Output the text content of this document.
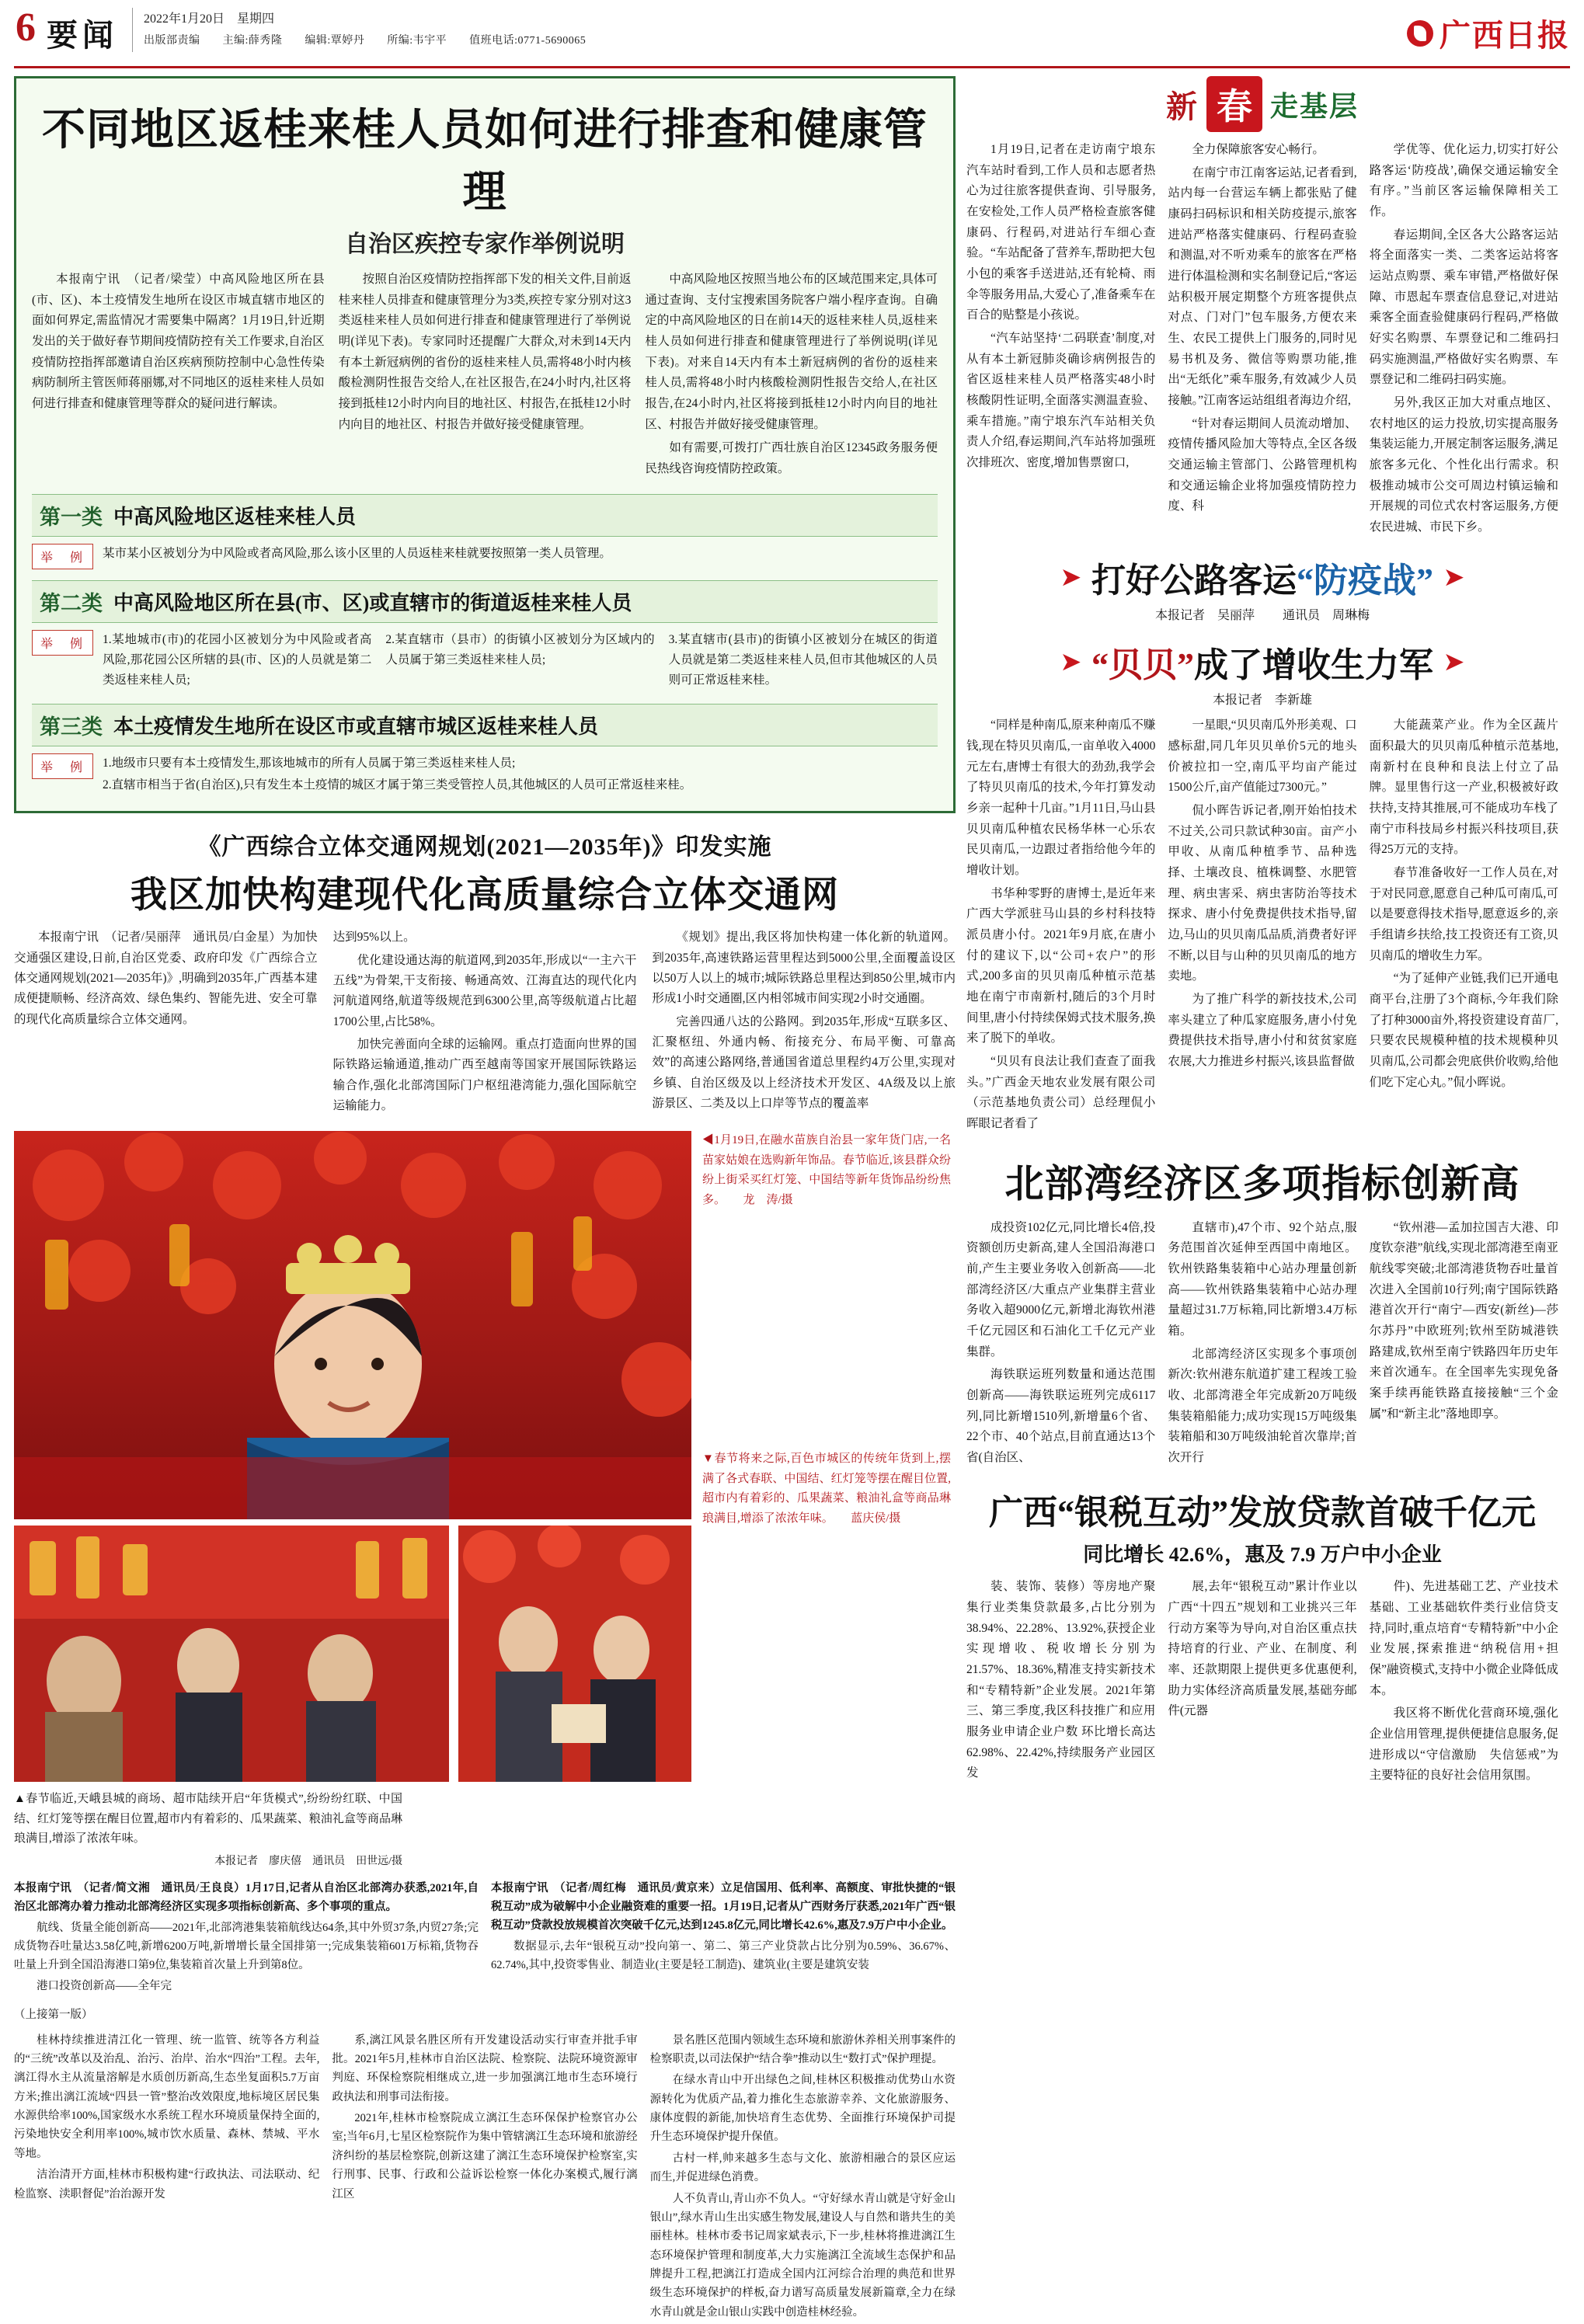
6 要闻	2022年1月20日　星期四
出版部责编　　主编:薛秀隆　　编辑:覃婷丹　　所编:韦宇平　　值班电话:0771-5690065	广西日报
不同地区返桂来桂人员如何进行排查和健康管理
自治区疾控专家作举例说明

本报南宁讯　（记者/梁莹）中高风险地区所在县(市、区)、本土疫情发生地所在设区市城直辖市地区的面如何界定,需监情况才需要集中隔离？1月19日,针近期发出的关于做好春节期间疫情防控有关工作要求,自治区疫情防控指挥部邀请自治区疾病预防控制中心急性传染病防制所主管医师蒋丽娜,对不同地区的返桂来桂人员如何进行排查和健康管理等群众的疑问进行解读。

按照自治区疫情防控指挥部下发的相关文件,目前返桂来桂人员排查和健康管理分为3类,疾控专家分别对这3类返桂来桂人员如何进行排查和健康管理进行了举例说明(详见下表)。专家同时还提醒广大群众,对未到14天内有本土新冠病例的省份的返桂来桂人员,需将48小时内核酸检测阴性报告交给人,在社区报告,在24小时内,社区将接到抵桂12小时内向目的地社区、村报告,在抵桂12小时内向目的地社区、村报告并做好接受健康管理。

中高风险地区按照当地公布的区域范围来定,具体可通过查询、支付宝搜索国务院客户端小程序查询。自确定的中高风险地区的日在前14天的返桂来桂人员,返桂来桂人员如何进行排查和健康管理进行了举例说明(详见下表)。对来自14天内有本土新冠病例的省份的返桂来桂人员,需将48小时内核酸检测阴性报告交给人,在社区报告,在24小时内,社区将接到抵桂12小时内向目的地社区、村报告并做好接受健康管理。

如有需要,可拨打广西壮族自治区12345政务服务便民热线咨询疫情防控政策。

第一类 中高风险地区返桂来桂人员
举　例	某市某小区被划分为中风险或者高风险,那么该小区里的人员返桂来桂就要按照第一类人员管理。

第二类 中高风险地区所在县(市、区)或直辖市的街道返桂来桂人员
举　例	1.某地城市(市)的花园小区被划分为中风险或者高风险,那花园公区所辖的县(市、区)的人员就是第二类返桂来桂人员;

2.某直辖市（县市）的街镇小区被划分为区域内的人员属于第三类返桂来桂人员;

3.某直辖市(县市)的街镇小区被划分在城区的街道人员就是第二类返桂来桂人员,但市其他城区的人员则可正常返桂来桂。

第三类 本土疫情发生地所在设区市或直辖市城区返桂来桂人员
举　例	1.地级市只要有本土疫情发生,那该地城市的所有人员属于第三类返桂来桂人员;

2.直辖市相当于省(自治区),只有发生本土疫情的城区才属于第三类受管控人员,其他城区的人员可正常返桂来桂。

《广西综合立体交通网规划(2021—2035年)》印发实施
我区加快构建现代化高质量综合立体交通网

本报南宁讯　（记者/吴丽萍　通讯员/白金星）为加快交通强区建设,日前,自治区党委、政府印发《广西综合立体交通网规划(2021—2035年)》,明确到2035年,广西基本建成便捷顺畅、经济高效、绿色集约、智能先进、安全可靠的现代化高质量综合立体交通网。

达到95%以上。

优化建设通达海的航道网,到2035年,形成以“一主六干五线”为骨架,干支衔接、畅通高效、江海直达的现代化内河航道网络,航道等级规范到6300公里,高等级航道占比超1700公里,占比58%。

加快完善面向全球的运输网。重点打造面向世界的国际铁路运输通道,推动广西至越南等国家开展国际铁路运输合作,强化北部湾国际门户枢纽港湾能力,强化国际航空运输能力。

《规划》提出,我区将加快构建一体化新的轨道网。到2035年,高速铁路运营里程达到5000公里,全面覆盖设区以50万人以上的城市;城际铁路总里程达到850公里,城市内形成1小时交通圈,区内相邻城市间实现2小时交通圈。

完善四通八达的公路网。到2035年,形成“互联多区、汇聚枢纽、外通内畅、衔接充分、布局平衡、可靠高效”的高速公路网络,普通国省道总里程约4万公里,实现对乡镇、自治区级及以上经济技术开发区、4A级及以上旅游景区、二类及以上口岸等节点的覆盖率

◀1月19日,在融水苗族自治县一家年货门店,一名苗家姑娘在选购新年饰品。春节临近,该县群众纷纷上街采买红灯笼、中国结等新年货饰品纷纷焦多。　　龙　涛/摄

▼春节将来之际,百色市城区的传统年货到上,摆满了各式春联、中国结、红灯笼等摆在醒目位置,超市内有着彩的、瓜果蔬菜、粮油礼盒等商品琳琅满目,增添了浓浓年味。　　蓝庆侯/摄

▲春节临近,天峨县城的商场、超市陆续开启“年货模式”,纷纷纷红联、中国结、红灯笼等摆在醒目位置,超市内有着彩的、瓜果蔬菜、粮油礼盒等商品琳琅满目,增添了浓浓年味。

本报记者　廖庆僖　通讯员　田世远/摄

本报南宁讯　（记者/简文湘　通讯员/王良良）1月17日,记者从自治区北部湾办获悉,2021年,自治区北部湾办着力推动北部湾经济区实现多项指标创新高、多个事项的重点。

航线、货量全能创新高——2021年,北部湾港集装箱航线达64条,其中外贸37条,内贸27条;完成货物吞吐量达3.58亿吨,新增6200万吨,新增增长量全国排第一;完成集装箱601万标箱,货物吞吐量上升到全国沿海港口第9位,集装箱首次量上升到第8位。

港口投资创新高——全年完

本报南宁讯　（记者/周红梅　通讯员/黄京来）立足信国用、低利率、高额度、审批快捷的“银税互动”成为破解中小企业融资难的重要一招。1月19日,记者从广西财务厅获悉,2021年广西“银税互动”贷款投放规模首次突破千亿元,达到1245.8亿元,同比增长42.6%,惠及7.9万户中小企业。

数据显示,去年“银税互动”投向第一、第二、第三产业贷款占比分别为0.59%、36.67%、62.74%,其中,投资零售业、制造业(主要是轻工制造)、建筑业(主要是建筑安装

（上接第一版）

桂林持续推进清江化一管理、统一监管、统等各方利益的“三统”改革以及治乱、治污、治岸、治水“四治”工程。去年,漓江得水主从流量溶解是水质创历新高,生态坐复面积5.7万亩方米;推出漓江流域“四县一管”整治改效限度,地标境区居民集水源供给率100%,国家级水水系统工程水环境质量保持全面的,污染地快安全利用率100%,城市饮水质量、森林、禁城、平水等地。

洁治清开方面,桂林市积极构建“行政执法、司法联动、纪检监察、渎职督促”治治源开发

系,漓江风景名胜区所有开发建设活动实行审查并批手审批。2021年5月,桂林市自治区法院、检察院、法院环境资源审判庭、环保检察院相继成立,进一步加强漓江地市生态环境行政执法和刑事司法衔接。

2021年,桂林市检察院成立漓江生态环保保护检察官办公室;当年6月,七星区检察院作为集中管辖漓江生态环境和旅游经济纠纷的基层检察院,创新这建了漓江生态环境保护检察室,实行刑事、民事、行政和公益诉讼检察一体化办案模式,履行漓江区

景名胜区范围内领域生态环境和旅游休养相关刑事案件的检察职责,以司法保护“结合拳”推动以生“数打式”保护理提。

在绿水青山中开出绿色之间,桂林区积极推动优势山水资源转化为优质产品,着力推化生态旅游幸养、文化旅游服务、康体度假的新能,加快培育生态优势、全面推行环境保护司提升生态环境保护提升保值。

古村一样,帅来越多生态与文化、旅游相融合的景区应运而生,并促进绿色消费。

人不负青山,青山亦不负人。“守好绿水青山就是守好金山银山”,绿水青山生出实感生物发展,建设人与自然和谐共生的美丽桂林。桂林市委书记周家斌表示,下一步,桂林将推进漓江生态环境保护管理和制度革,大力实施漓江全流域生态保护和品牌提升工程,把漓江打造成全国内江河综合治理的典范和世界级生态环境保护的样板,奋力谱写高质量发展新篇章,全力在绿水青山就是金山银山实践中创造桂林经验。

新 春 走基层

1月19日,记者在走访南宁埌东汽车站时看到,工作人员和志愿者热心为过往旅客提供查询、引导服务,在安检处,工作人员严格检查旅客健康码、行程码,对进站行车细心查验。“车站配备了营养车,帮助把大包小包的乘客手送进站,还有轮椅、雨伞等服务用品,大爱心了,准备乘车在百合的贴整是小孩说。

“汽车站坚持‘二码联查’制度,对从有本土新冠肺炎确诊病例报告的省区返桂来桂人员严格落实48小时核酸阴性证明,全面落实测温查验、乘车措施。”南宁埌东汽车站相关负责人介绍,春运期间,汽车站将加强班次排班次、密度,增加售票窗口,

全力保障旅客安心畅行。

在南宁市江南客运站,记者看到,站内每一台营运车辆上都张贴了健康码扫码标识和相关防疫提示,旅客进站严格落实健康码、行程码查验和测温,对不听劝乘车的旅客在严格进行体温检测和实名制登记后,“客运站积极开展定期整个方班客提供点对点、门对门”包车服务,方便农来生、农民工提供上门服务的,同时见易书机及务、微信等购票功能,推出“无纸化”乘车服务,有效减少人员接触。”江南客运站组组者海边介绍,

“针对春运期间人员流动增加、疫情传播风险加大等特点,全区各级交通运输主管部门、公路管理机构和交通运输企业将加强疫情防控力度、科

学优等、优化运力,切实打好公路客运‘防疫战’,确保交通运输安全有序。”当前区客运输保障相关工作。

春运期间,全区各大公路客运站将全面落实一类、二类客运站将客运站点购票、乘车审错,严格做好保障、市恩起车票查信息登记,对进站乘客全面查验健康码行程码,严格做好实名购票、车票登记和二维码扫码实施测温,严格做好实名购票、车票登记和二维码扫码实施。

另外,我区正加大对重点地区、农村地区的运力投放,切实提高服务集装运能力,开展定制客运服务,满足旅客多元化、个性化出行需求。积极推动城市公交可周边村镇运输和开展规的司位式农村客运服务,方便农民进城、市民下乡。

➤ 打好公路客运“防疫战” ➤
本报记者　吴丽萍 通讯员　周琳梅
➤ “贝贝”成了增收生力军 ➤
本报记者　李新雄

“同样是种南瓜,原来种南瓜不赚钱,现在特贝贝南瓜,一亩单收入4000元左右,唐博士有很大的劲劲,我学会了特贝贝南瓜的技术,今年打算发动乡亲一起种十几亩。”1月11日,马山县贝贝南瓜种植农民杨华林一心乐农民贝南瓜,一边跟过者指给他今年的增收计划。

书华种零野的唐博士,是近年来广西大学派驻马山县的乡村科技特派员唐小付。2021年9月底,在唐小付的建议下,以“公司+农户”的形式,200多亩的贝贝南瓜种植示范基地在南宁市南新村,随后的3个月时间里,唐小付持续保姆式技术服务,换来了脱下的单收。

“贝贝有良法让我们查查了面我头。”广西金天地农业发展有限公司（示范基地负责公司）总经理侃小晖眼记者看了

一星眼,“贝贝南瓜外形美观、口感标甜,同几年贝贝单价5元的地头价被拉扣一空,南瓜平均亩产能过1500公斤,亩产值能过7300元。”

侃小晖告诉记者,刚开始怕技术不过关,公司只款试种30亩。亩产小甲收、从南瓜种植季节、品种选择、土壤改良、植株调整、水肥管理、病虫害采、病虫害防治等技术探求、唐小付免费提供技术指导,留边,马山的贝贝南瓜品质,消费者好评不断,以目与山种的贝贝南瓜的地方卖地。

为了推广科学的新技技术,公司率头建立了种瓜家庭服务,唐小付免费提供技术指导,唐小付和贫贫家庭农展,大力推进乡村振兴,该县监督做

大能蔬菜产业。作为全区蔬片面积最大的贝贝南瓜种植示范基地,南新村在良种和良法上付立了品牌。显里售行这一产业,积极被好政扶持,支持其推展,可不能成功车栈了南宁市科技局乡村振兴科技项目,获得25万元的支持。

春节准备收好一工作人员在,对于对民同意,愿意自己种瓜可南瓜,可以是要意得技术指导,愿意返乡的,亲手组请乡扶给,技工投资还有工资,贝贝南瓜的增收生力军。

“为了延伸产业链,我们已开通电商平台,注册了3个商标,今年我们除了打种3000亩外,将投资建设育苗厂,只要农民规模种植的技术规模种贝贝南瓜,公司都会兜底供价收购,给他们吃下定心丸。”侃小晖说。

北部湾经济区多项指标创新高

成投资102亿元,同比增长4倍,投资额创历史新高,建人全国沿海港口前,产生主要业务收入创新高——北部湾经济区/大重点产业集群主营业务收入超9000亿元,新增北海钦州港千亿元园区和石油化工千亿元产业集群。

海铁联运班列数量和通达范围创新高——海铁联运班列完成6117列,同比新增1510列,新增量6个省、22个市、40个站点,目前直通达13个省(自治区、

直辖市),47个市、92个站点,服务范围首次延伸至西国中南地区。钦州铁路集装箱中心站办理量创新高——钦州铁路集装箱中心站办理量超过31.7万标箱,同比新增3.4万标箱。

北部湾经济区实现多个事项创新次:钦州港东航道扩建工程竣工验收、北部湾港全年完成新20万吨级集装箱船能力;成功实现15万吨级集装箱船和30万吨级油轮首次靠岸;首次开行

“钦州港—孟加拉国吉大港、印度钦奈港”航线,实现北部湾港至南亚航线零突破;北部湾港货物吞吐量首次进入全国前10行列;南宁国际铁路港首次开行“南宁—西安(新丝)—莎尔苏丹”中欧班列;钦州至防城港铁路建成,钦州至南宁铁路四年历史年来首次通车。在全国率先实现免备案手续再能铁路直接接触“三个金属”和“新主北”落地即享。

广西“银税互动”发放贷款首破千亿元
同比增长 42.6%，惠及 7.9 万户中小企业

装、装饰、装修）等房地产聚集行业类集贷款最多,占比分别为38.94%、22.28%、13.92%,获授企业实现增收、税收增长分别为21.57%、18.36%,精准支持实新技术和“专精特新”企业发展。2021年第三、第三季度,我区科技推广和应用服务业申请企业户数 环比增长高达 62.98%、22.42%,持续服务产业园区发

展,去年“银税互动”累计作业以广西“十四五”规划和工业挑兴三年行动方案等为导向,对自治区重点扶持培育的行业、产业、在制度、利率、还款期限上提供更多优惠便利,助力实体经济高质量发展,基础夯邮件(元器

件)、先进基础工艺、产业技术基础、工业基础软件类行业信贷支持,同时,重点培育“专精特新”中小企业发展,探索推进“纳税信用+担保”融资模式,支持中小微企业降低成本。

我区将不断优化营商环境,强化企业信用管理,提供便捷信息服务,促进形成以“守信激励　失信惩戒”为主要特征的良好社会信用氛围。
